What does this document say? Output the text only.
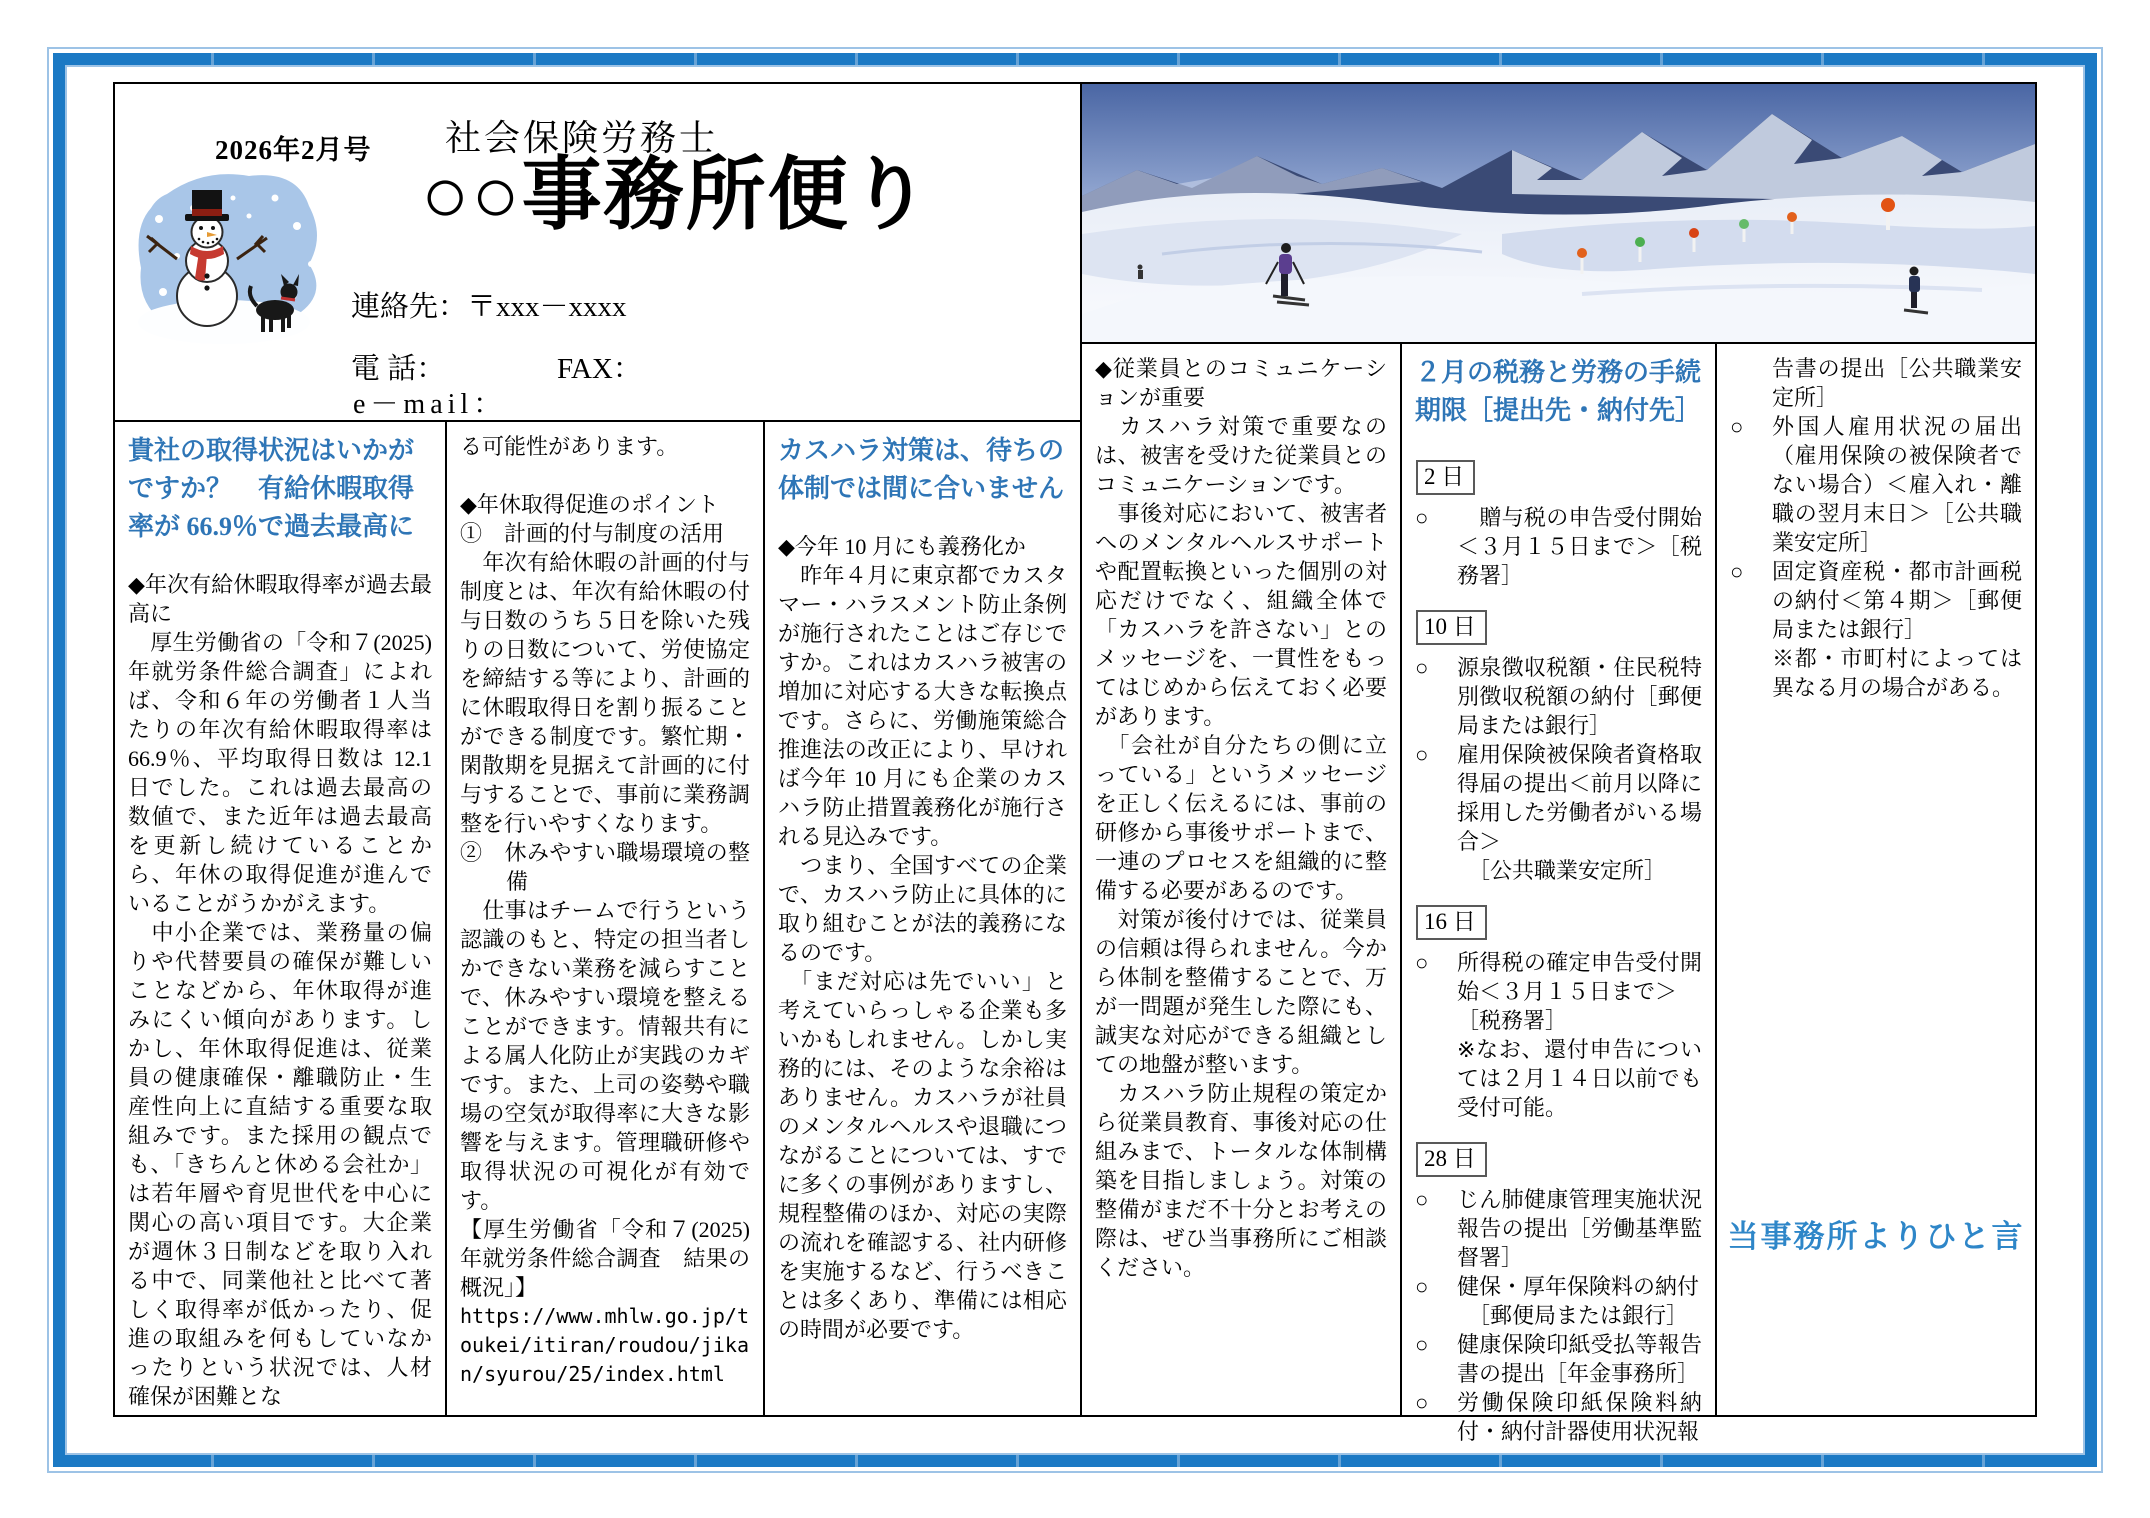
2026年2月号 社会保険労務士
○○事務所便り
連絡先：〒xxx－xxxx
電 話：	FAX：
e－mail：
貴社の取得状況はいかがですか？　有給休暇取得率が 66.9％で過去最高に

◆年次有給休暇取得率が過去最高に

　厚生労働省の「令和７(2025)年就労条件総合調査」によれば、令和６年の労働者１人当たりの年次有給休暇取得率は 66.9％、平均取得日数は 12.1 日でした。これは過去最高の数値で、また近年は過去最高を更新し続けていることから、年休の取得促進が進んでいることがうかがえます。

　中小企業では、業務量の偏りや代替要員の確保が難しいことなどから、年休取得が進みにくい傾向があります。しかし、年休取得促進は、従業員の健康確保・離職防止・生産性向上に直結する重要な取組みです。また採用の観点でも、「きちんと休める会社か」は若年層や育児世代を中心に関心の高い項目です。大企業が週休３日制などを取り入れる中で、同業他社と比べて著しく取得率が低かったり、促進の取組みを何もしていなかったりという状況では、人材確保が困難とな

る可能性があります。

◆年休取得促進のポイント

①　計画的付与制度の活用

　年次有給休暇の計画的付与制度とは、年次有給休暇の付与日数のうち５日を除いた残りの日数について、労使協定を締結する等により、計画的に休暇取得日を割り振ることができる制度です。繁忙期・閑散期を見据えて計画的に付与することで、事前に業務調整を行いやすくなります。

②　休みやすい職場環境の整備

　仕事はチームで行うという認識のもと、特定の担当者しかできない業務を減らすことで、休みやすい環境を整えることができます。情報共有による属人化防止が実践のカギです。また、上司の姿勢や職場の空気が取得率に大きな影響を与えます。管理職研修や取得状況の可視化が有効です。

【厚生労働省「令和７(2025)年就労条件総合調査　結果の概況」】

https://www.mhlw.go.jp/toukei/itiran/roudou/jikan/syurou/25/index.html

カスハラ対策は、待ちの体制では間に合いません

◆今年 10 月にも義務化か

　昨年４月に東京都でカスタマー・ハラスメント防止条例が施行されたことはご存じですか。これはカスハラ被害の増加に対応する大きな転換点です。さらに、労働施策総合推進法の改正により、早ければ今年 10 月にも企業のカスハラ防止措置義務化が施行される見込みです。

　つまり、全国すべての企業で、カスハラ防止に具体的に取り組むことが法的義務になるのです。

　「まだ対応は先でいい」と考えていらっしゃる企業も多いかもしれません。しかし実務的には、そのような余裕はありません。カスハラが社員のメンタルヘルスや退職につながることについては、すでに多くの事例がありますし、規程整備のほか、対応の実際の流れを確認する、社内研修を実施するなど、行うべきことは多くあり、準備には相応の時間が必要です。

◆従業員とのコミュニケーションが重要

　カスハラ対策で重要なのは、被害を受けた従業員とのコミュニケーションです。

　事後対応において、被害者へのメンタルヘルスサポートや配置転換といった個別の対応だけでなく、組織全体で「カスハラを許さない」とのメッセージを、一貫性をもってはじめから伝えておく必要があります。

　「会社が自分たちの側に立っている」というメッセージを正しく伝えるには、事前の研修から事後サポートまで、一連のプロセスを組織的に整備する必要があるのです。

　対策が後付けでは、従業員の信頼は得られません。今から体制を整備することで、万が一問題が発生した際にも、誠実な対応ができる組織としての地盤が整います。

　カスハラ防止規程の策定から従業員教育、事後対応の仕組みまで、トータルな体制構築を目指しましょう。対策の整備がまだ不十分とお考えの際は、ぜひ当事務所にご相談ください。

２月の税務と労務の手続期限［提出先・納付先］
2 日
○	　贈与税の申告受付開始＜３月１５日まで＞［税務署］
10 日
○	源泉徴収税額・住民税特別徴収税額の納付［郵便局または銀行］
○	雇用保険被保険者資格取得届の提出＜前月以降に採用した労働者がいる場合＞
　［公共職業安定所］
16 日
○	所得税の確定申告受付開始＜３月１５日まで＞
［税務署］
※なお、還付申告については２月１４日以前でも受付可能。
28 日
○	じん肺健康管理実施状況報告の提出［労働基準監督署］
○	健保・厚年保険料の納付
　［郵便局または銀行］
○	健康保険印紙受払等報告書の提出［年金事務所］
○	労働保険印紙保険料納付・納付計器使用状況報
告書の提出［公共職業安定所］
○	外国人雇用状況の届出（雇用保険の被保険者でない場合）＜雇入れ・離職の翌月末日＞［公共職業安定所］
○	固定資産税・都市計画税の納付＜第４期＞［郵便局または銀行］
※都・市町村によっては異なる月の場合がある。
当事務所よりひと言
